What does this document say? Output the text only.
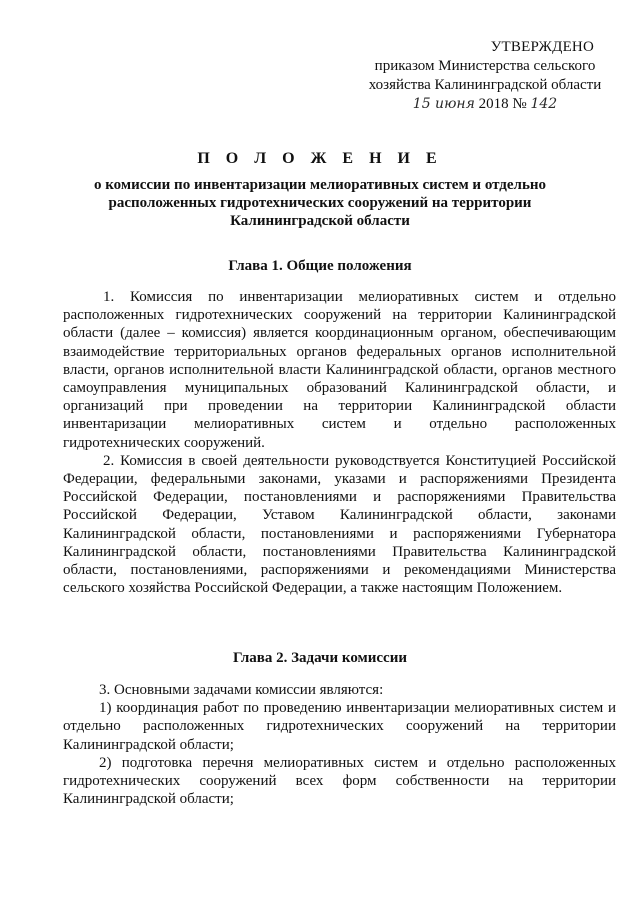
УТВЕРЖДЕНО
приказом Министерства сельского
хозяйства Калининградской области
15 июня 2018 № 142
П О Л О Ж Е Н И Е
о комиссии по инвентаризации мелиоративных систем и отдельно расположенных гидротехнических сооружений на территории Калининградской области
Глава 1. Общие положения

1. Комиссия по инвентаризации мелиоративных систем и отдельно расположенных гидротехнических сооружений на территории Калининградской области (далее – комиссия) является координационным органом, обеспечивающим взаимодействие территориальных органов федеральных органов исполнительной власти, органов исполнительной власти Калининградской области, органов местного самоуправления муниципальных образований Калининградской области, и организаций при проведении на территории Калининградской области инвентаризации мелиоративных систем и отдельно расположенных гидротехнических сооружений.

2. Комиссия в своей деятельности руководствуется Конституцией Российской Федерации, федеральными законами, указами и распоряжениями Президента Российской Федерации, постановлениями и распоряжениями Правительства Российской Федерации, Уставом Калининградской области, законами Калининградской области, постановлениями и распоряжениями Губернатора Калининградской области, постановлениями Правительства Калининградской области, постановлениями, распоряжениями и рекомендациями Министерства сельского хозяйства Российской Федерации, а также настоящим Положением.

Глава 2. Задачи комиссии

3. Основными задачами комиссии являются:

1) координация работ по проведению инвентаризации мелиоративных систем и отдельно расположенных гидротехнических сооружений на территории Калининградской области;

2) подготовка перечня мелиоративных систем и отдельно расположенных гидротехнических сооружений всех форм собственности на территории Калининградской области;
